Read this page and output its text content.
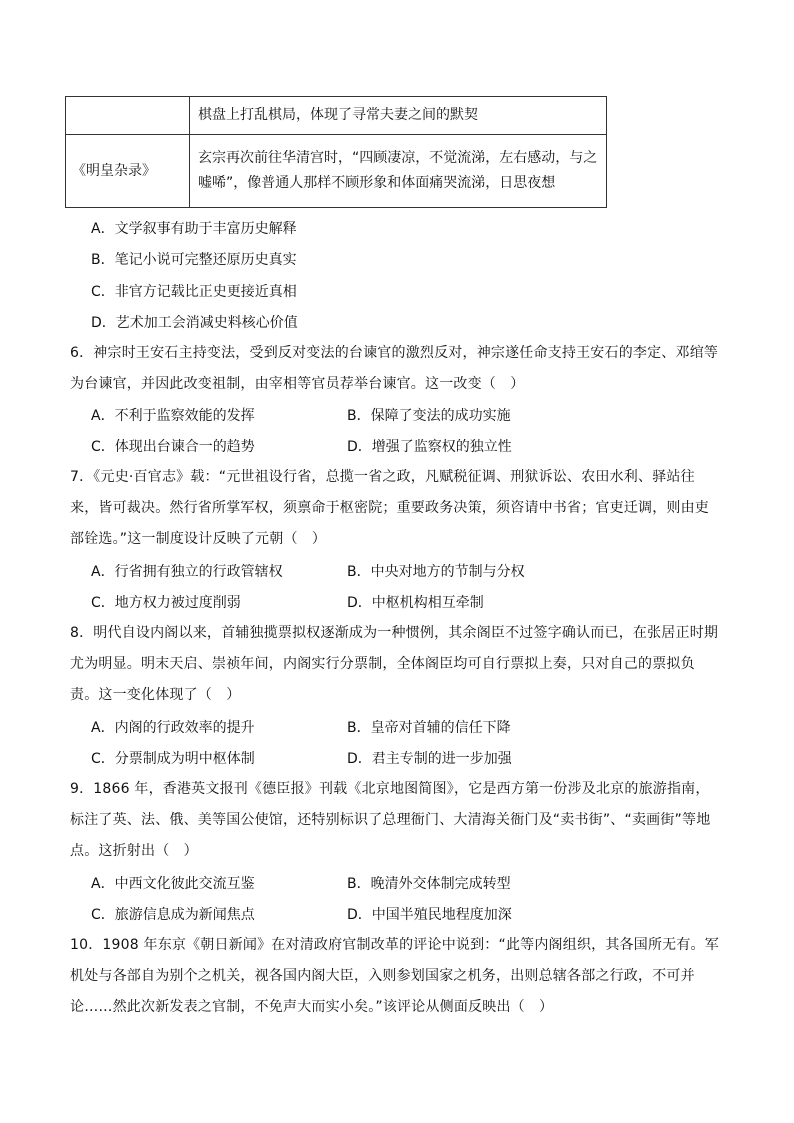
	棋盘上打乱棋局，体现了寻常夫妻之间的默契
《明皇杂录》	玄宗再次前往华清宫时，“四顾凄凉，不觉流涕，左右感动，与之嘘唏”，像普通人那样不顾形象和体面痛哭流涕，日思夜想
A．文学叙事有助于丰富历史解释
B．笔记小说可完整还原历史真实
C．非官方记载比正史更接近真相
D．艺术加工会消减史料核心价值
6．神宗时王安石主持变法，受到反对变法的台谏官的激烈反对，神宗遂任命支持王安石的李定、邓绾等为台谏官，并因此改变祖制，由宰相等官员荐举台谏官。这一改变（　）
A．不利于监察效能的发挥	B．保障了变法的成功实施
C．体现出台谏合一的趋势	D．增强了监察权的独立性
7．《元史·百官志》载：“元世祖设行省，总揽一省之政，凡赋税征调、刑狱诉讼、农田水利、驿站往来，皆可裁决。然行省所掌军权，须禀命于枢密院；重要政务决策，须咨请中书省；官吏迁调，则由吏部铨选。”这一制度设计反映了元朝（　）
A．行省拥有独立的行政管辖权	B．中央对地方的节制与分权
C．地方权力被过度削弱	D．中枢机构相互牵制
8．明代自设内阁以来，首辅独揽票拟权逐渐成为一种惯例，其余阁臣不过签字确认而已，在张居正时期尤为明显。明末天启、崇祯年间，内阁实行分票制，全体阁臣均可自行票拟上奏，只对自己的票拟负责。这一变化体现了（　）
A．内阁的行政效率的提升	B．皇帝对首辅的信任下降
C．分票制成为明中枢体制	D．君主专制的进一步加强
9．1866 年，香港英文报刊《德臣报》刊载《北京地图简图》，它是西方第一份涉及北京的旅游指南，标注了英、法、俄、美等国公使馆，还特别标识了总理衙门、大清海关衙门及“卖书街”、“卖画街”等地点。这折射出（　）
A．中西文化彼此交流互鉴	B．晚清外交体制完成转型
C．旅游信息成为新闻焦点	D．中国半殖民地程度加深
10．1908 年东京《朝日新闻》在对清政府官制改革的评论中说到：“此等内阁组织，其各国所无有。军机处与各部自为别个之机关，视各国内阁大臣，入则参划国家之机务，出则总辖各部之行政，不可并论……然此次新发表之官制，不免声大而实小矣。”该评论从侧面反映出（　）
